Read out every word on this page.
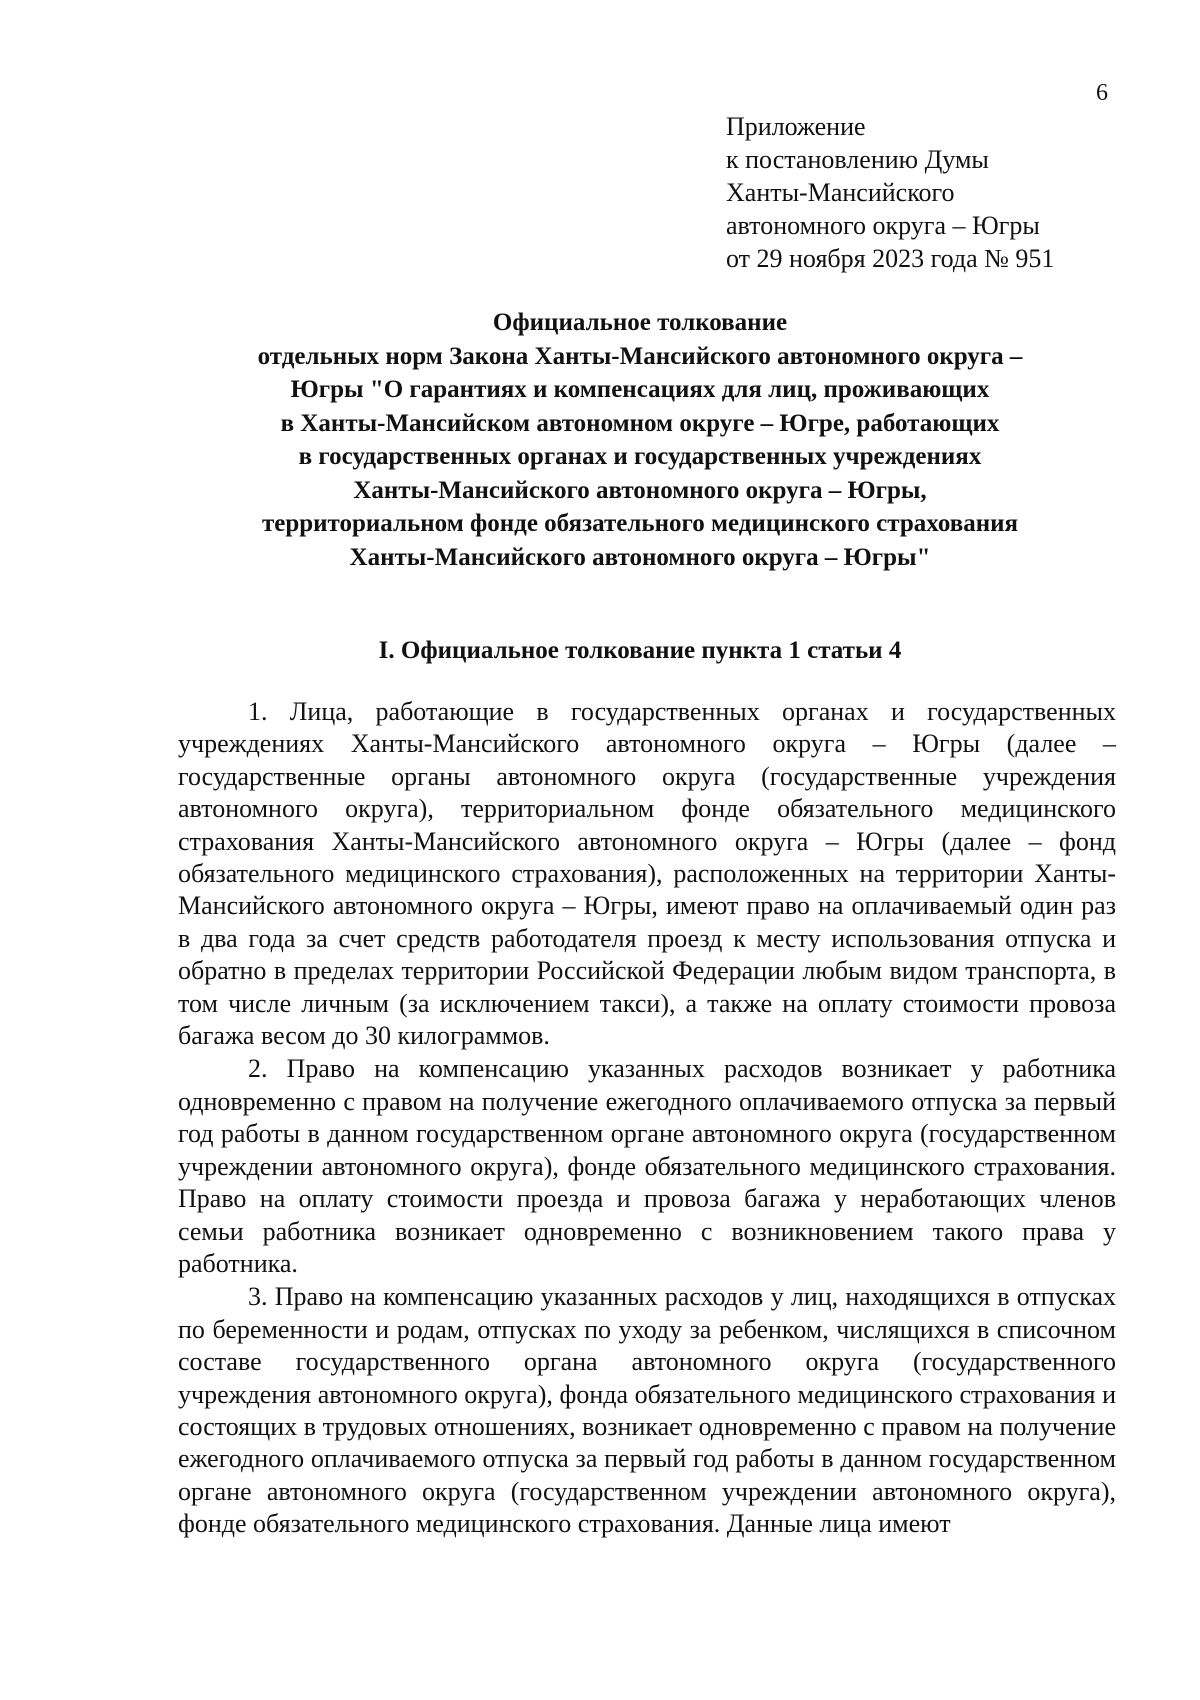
6
Приложение
к постановлению Думы
Ханты-Мансийского
автономного округа – Югры
от 29 ноября 2023 года № 951
Официальное толкование
отдельных норм Закона Ханты-Мансийского автономного округа –
Югры "О гарантиях и компенсациях для лиц, проживающих
в Ханты-Мансийском автономном округе – Югре, работающих
в государственных органах и государственных учреждениях
Ханты-Мансийского автономного округа – Югры,
территориальном фонде обязательного медицинского страхования
Ханты-Мансийского автономного округа – Югры"
I. Официальное толкование пункта 1 статьи 4

1. Лица, работающие в государственных органах и государственных учреждениях Ханты-Мансийского автономного округа – Югры (далее – государственные органы автономного округа (государственные учреждения автономного округа), территориальном фонде обязательного медицинского страхования Ханты-Мансийского автономного округа – Югры (далее – фонд обязательного медицинского страхования), расположенных на территории Ханты-Мансийского автономного округа – Югры, имеют право на оплачиваемый один раз в два года за счет средств работодателя проезд к месту использования отпуска и обратно в пределах территории Российской Федерации любым видом транспорта, в том числе личным (за исключением такси), а также на оплату стоимости провоза багажа весом до 30 килограммов.

2. Право на компенсацию указанных расходов возникает у работника одновременно с правом на получение ежегодного оплачиваемого отпуска за первый год работы в данном государственном органе автономного округа (государственном учреждении автономного округа), фонде обязательного медицинского страхования. Право на оплату стоимости проезда и провоза багажа у неработающих членов семьи работника возникает одновременно с возникновением такого права у работника.

3. Право на компенсацию указанных расходов у лиц, находящихся в отпусках по беременности и родам, отпусках по уходу за ребенком, числящихся в списочном составе государственного органа автономного округа (государственного учреждения автономного округа), фонда обязательного медицинского страхования и состоящих в трудовых отношениях, возникает одновременно с правом на получение ежегодного оплачиваемого отпуска за первый год работы в данном государственном органе автономного округа (государственном учреждении автономного округа), фонде обязательного медицинского страхования. Данные лица имеют
